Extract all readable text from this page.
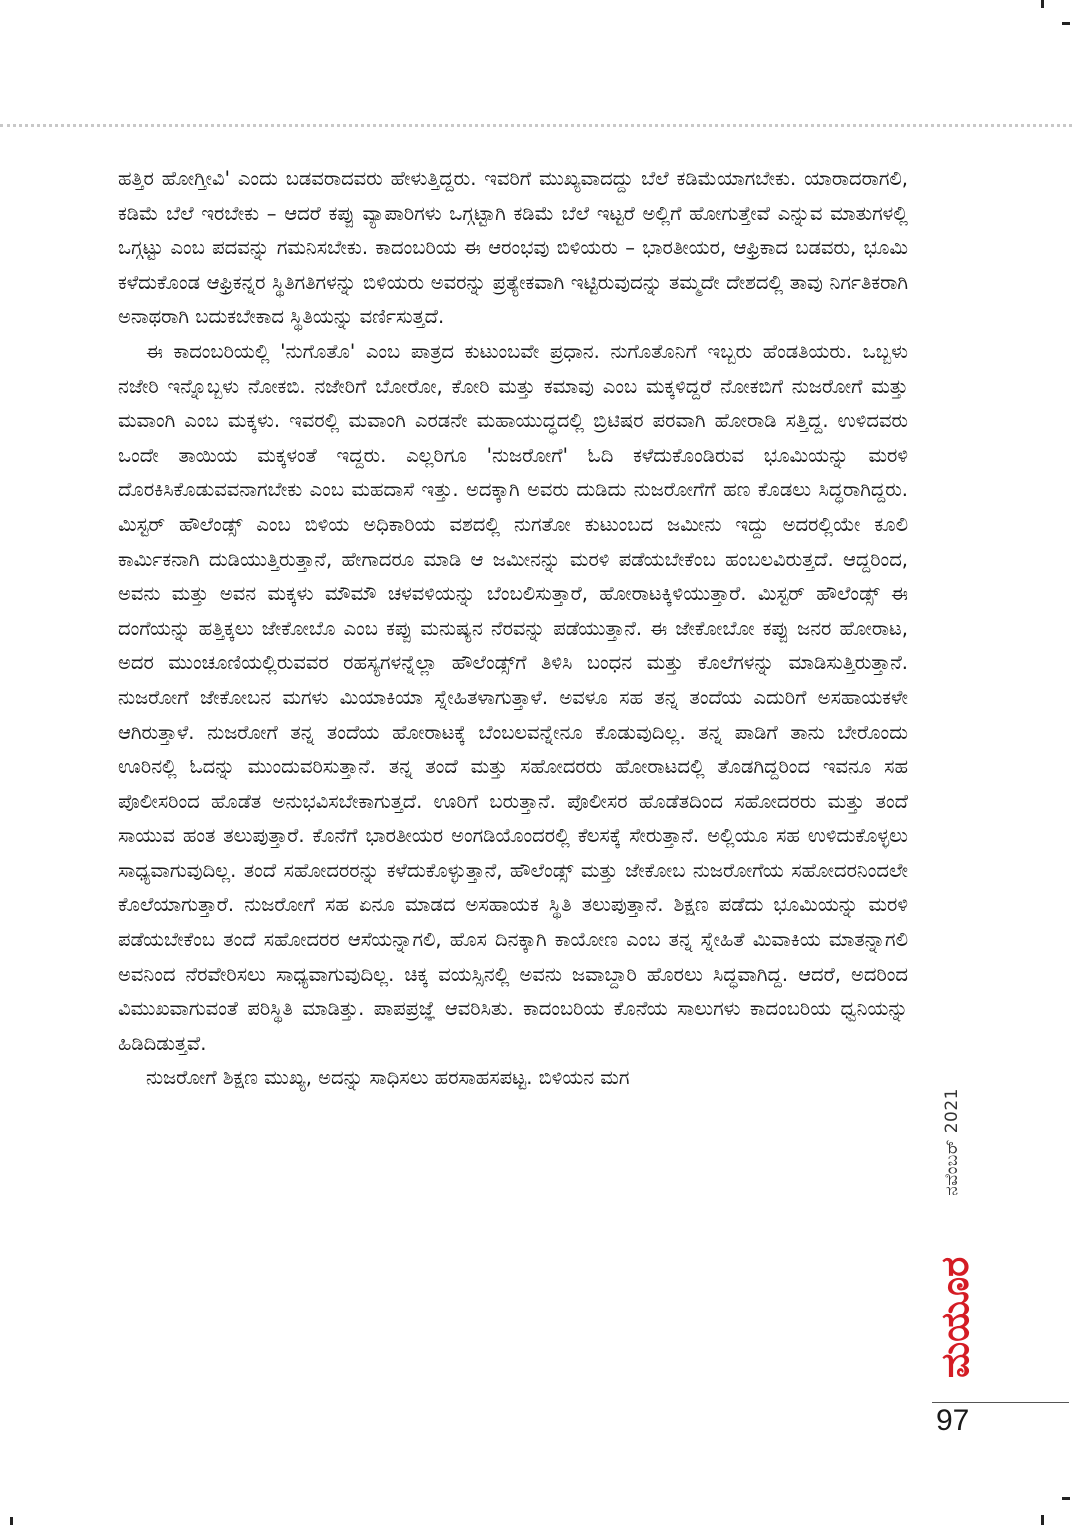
ಹತ್ತಿರ ಹೋಗ್ತೀವಿ' ಎಂದು ಬಡವರಾದವರು ಹೇಳುತ್ತಿದ್ದರು. ಇವರಿಗೆ ಮುಖ್ಯವಾದದ್ದು ಬೆಲೆ ಕಡಿಮೆಯಾಗಬೇಕು. ಯಾರಾದರಾಗಲಿ, ಕಡಿಮೆ ಬೆಲೆ ಇರಬೇಕು – ಆದರೆ ಕಪ್ಪು ವ್ಯಾಪಾರಿಗಳು ಒಗ್ಗಟ್ಟಾಗಿ ಕಡಿಮೆ ಬೆಲೆ ಇಟ್ಟರೆ ಅಲ್ಲಿಗೆ ಹೋಗುತ್ತೇವೆ ಎನ್ನುವ ಮಾತುಗಳಲ್ಲಿ ಒಗ್ಗಟ್ಟು ಎಂಬ ಪದವನ್ನು ಗಮನಿಸಬೇಕು. ಕಾದಂಬರಿಯ ಈ ಆರಂಭವು ಬಿಳಿಯರು – ಭಾರತೀಯರ, ಆಫ್ರಿಕಾದ ಬಡವರು, ಭೂಮಿ ಕಳೆದುಕೊಂಡ ಆಫ್ರಿಕನ್ನರ ಸ್ಥಿತಿಗತಿಗಳನ್ನು ಬಿಳಿಯರು ಅವರನ್ನು ಪ್ರತ್ಯೇಕವಾಗಿ ಇಟ್ಟಿರುವುದನ್ನು ತಮ್ಮದೇ ದೇಶದಲ್ಲಿ ತಾವು ನಿರ್ಗತಿಕರಾಗಿ ಅನಾಥರಾಗಿ ಬದುಕಬೇಕಾದ ಸ್ಥಿತಿಯನ್ನು ವರ್ಣಿಸುತ್ತದೆ.

ಈ ಕಾದಂಬರಿಯಲ್ಲಿ 'ನುಗೊತೊ' ಎಂಬ ಪಾತ್ರದ ಕುಟುಂಬವೇ ಪ್ರಧಾನ. ನುಗೊತೊನಿಗೆ ಇಬ್ಬರು ಹೆಂಡತಿಯರು. ಒಬ್ಬಳು ನಜೇರಿ ಇನ್ನೊಬ್ಬಳು ನೋಕಬಿ. ನಜೇರಿಗೆ ಬೋರೋ, ಕೋರಿ ಮತ್ತು ಕಮಾವು ಎಂಬ ಮಕ್ಕಳಿದ್ದರೆ ನೋಕಬಿಗೆ ನುಜರೋಗೆ ಮತ್ತು ಮವಾಂಗಿ ಎಂಬ ಮಕ್ಕಳು. ಇವರಲ್ಲಿ ಮವಾಂಗಿ ಎರಡನೇ ಮಹಾಯುದ್ಧದಲ್ಲಿ ಬ್ರಿಟಿಷರ ಪರವಾಗಿ ಹೋರಾಡಿ ಸತ್ತಿದ್ದ. ಉಳಿದವರು ಒಂದೇ ತಾಯಿಯ ಮಕ್ಕಳಂತೆ ಇದ್ದರು. ಎಲ್ಲರಿಗೂ 'ನುಜರೋಗೆ' ಓದಿ ಕಳೆದುಕೊಂಡಿರುವ ಭೂಮಿಯನ್ನು ಮರಳಿ ದೊರಕಿಸಿಕೊಡುವವನಾಗಬೇಕು ಎಂಬ ಮಹದಾಸೆ ಇತ್ತು. ಅದಕ್ಕಾಗಿ ಅವರು ದುಡಿದು ನುಜರೋಗೆಗೆ ಹಣ ಕೊಡಲು ಸಿದ್ಧರಾಗಿದ್ದರು. ಮಿಸ್ಟರ್ ಹೌಲೆಂಡ್ಸ್ ಎಂಬ ಬಿಳಿಯ ಅಧಿಕಾರಿಯ ವಶದಲ್ಲಿ ನುಗತೋ ಕುಟುಂಬದ ಜಮೀನು ಇದ್ದು ಅದರಲ್ಲಿಯೇ ಕೂಲಿ ಕಾರ್ಮಿಕನಾಗಿ ದುಡಿಯುತ್ತಿರುತ್ತಾನೆ, ಹೇಗಾದರೂ ಮಾಡಿ ಆ ಜಮೀನನ್ನು ಮರಳಿ ಪಡೆಯಬೇಕೆಂಬ ಹಂಬಲವಿರುತ್ತದೆ. ಆದ್ದರಿಂದ, ಅವನು ಮತ್ತು ಅವನ ಮಕ್ಕಳು ಮೌಮೌ ಚಳವಳಿಯನ್ನು ಬೆಂಬಲಿಸುತ್ತಾರೆ, ಹೋರಾಟಕ್ಕಿಳಿಯುತ್ತಾರೆ. ಮಿಸ್ಟರ್ ಹೌಲೆಂಡ್ಸ್ ಈ ದಂಗೆಯನ್ನು ಹತ್ತಿಕ್ಕಲು ಜೇಕೋಬೊ ಎಂಬ ಕಪ್ಪು ಮನುಷ್ಯನ ನೆರವನ್ನು ಪಡೆಯುತ್ತಾನೆ. ಈ ಜೇಕೋಬೋ ಕಪ್ಪು ಜನರ ಹೋರಾಟ, ಅದರ ಮುಂಚೂಣಿಯಲ್ಲಿರುವವರ ರಹಸ್ಯಗಳನ್ನೆಲ್ಲಾ ಹೌಲೆಂಡ್ಸ್‌ಗೆ ತಿಳಿಸಿ ಬಂಧನ ಮತ್ತು ಕೊಲೆಗಳನ್ನು ಮಾಡಿಸುತ್ತಿರುತ್ತಾನೆ. ನುಜರೋಗೆ ಜೇಕೋಬನ ಮಗಳು ಮಿಯಾಕಿಯಾ ಸ್ನೇಹಿತಳಾಗುತ್ತಾಳೆ. ಅವಳೂ ಸಹ ತನ್ನ ತಂದೆಯ ಎದುರಿಗೆ ಅಸಹಾಯಕಳೇ ಆಗಿರುತ್ತಾಳೆ. ನುಜರೋಗೆ ತನ್ನ ತಂದೆಯ ಹೋರಾಟಕ್ಕೆ ಬೆಂಬಲವನ್ನೇನೂ ಕೊಡುವುದಿಲ್ಲ. ತನ್ನ ಪಾಡಿಗೆ ತಾನು ಬೇರೊಂದು ಊರಿನಲ್ಲಿ ಓದನ್ನು ಮುಂದುವರಿಸುತ್ತಾನೆ. ತನ್ನ ತಂದೆ ಮತ್ತು ಸಹೋದರರು ಹೋರಾಟದಲ್ಲಿ ತೊಡಗಿದ್ದರಿಂದ ಇವನೂ ಸಹ ಪೊಲೀಸರಿಂದ ಹೊಡೆತ ಅನುಭವಿಸಬೇಕಾಗುತ್ತದೆ. ಊರಿಗೆ ಬರುತ್ತಾನೆ. ಪೊಲೀಸರ ಹೊಡೆತದಿಂದ ಸಹೋದರರು ಮತ್ತು ತಂದೆ ಸಾಯುವ ಹಂತ ತಲುಪುತ್ತಾರೆ. ಕೊನೆಗೆ ಭಾರತೀಯರ ಅಂಗಡಿಯೊಂದರಲ್ಲಿ ಕೆಲಸಕ್ಕೆ ಸೇರುತ್ತಾನೆ. ಅಲ್ಲಿಯೂ ಸಹ ಉಳಿದುಕೊಳ್ಳಲು ಸಾಧ್ಯವಾಗುವುದಿಲ್ಲ. ತಂದೆ ಸಹೋದರರನ್ನು ಕಳೆದುಕೊಳ್ಳುತ್ತಾನೆ, ಹೌಲೆಂಡ್ಸ್ ಮತ್ತು ಜೇಕೋಬ ನುಜರೋಗೆಯ ಸಹೋದರನಿಂದಲೇ ಕೊಲೆಯಾಗುತ್ತಾರೆ. ನುಜರೋಗೆ ಸಹ ಏನೂ ಮಾಡದ ಅಸಹಾಯಕ ಸ್ಥಿತಿ ತಲುಪುತ್ತಾನೆ. ಶಿಕ್ಷಣ ಪಡೆದು ಭೂಮಿಯನ್ನು ಮರಳಿ ಪಡೆಯಬೇಕೆಂಬ ತಂದೆ ಸಹೋದರರ ಆಸೆಯನ್ನಾಗಲಿ, ಹೊಸ ದಿನಕ್ಕಾಗಿ ಕಾಯೋಣ ಎಂಬ ತನ್ನ ಸ್ನೇಹಿತೆ ಮಿವಾಕಿಯ ಮಾತನ್ನಾಗಲಿ ಅವನಿಂದ ನೆರವೇರಿಸಲು ಸಾಧ್ಯವಾಗುವುದಿಲ್ಲ. ಚಿಕ್ಕ ವಯಸ್ಸಿನಲ್ಲಿ ಅವನು ಜವಾಬ್ದಾರಿ ಹೊರಲು ಸಿದ್ಧವಾಗಿದ್ದ. ಆದರೆ, ಅದರಿಂದ ವಿಮುಖವಾಗುವಂತೆ ಪರಿಸ್ಥಿತಿ ಮಾಡಿತ್ತು. ಪಾಪಪ್ರಜ್ಞೆ ಆವರಿಸಿತು. ಕಾದಂಬರಿಯ ಕೊನೆಯ ಸಾಲುಗಳು ಕಾದಂಬರಿಯ ಧ್ವನಿಯನ್ನು ಹಿಡಿದಿಡುತ್ತವೆ.

ನುಜರೋಗೆ ಶಿಕ್ಷಣ ಮುಖ್ಯ, ಅದನ್ನು ಸಾಧಿಸಲು ಹರಸಾಹಸಪಟ್ಟ. ಬಿಳಿಯನ ಮಗ

ನವೆಂಬರ್ 2021
ಮಯೂರ
97
